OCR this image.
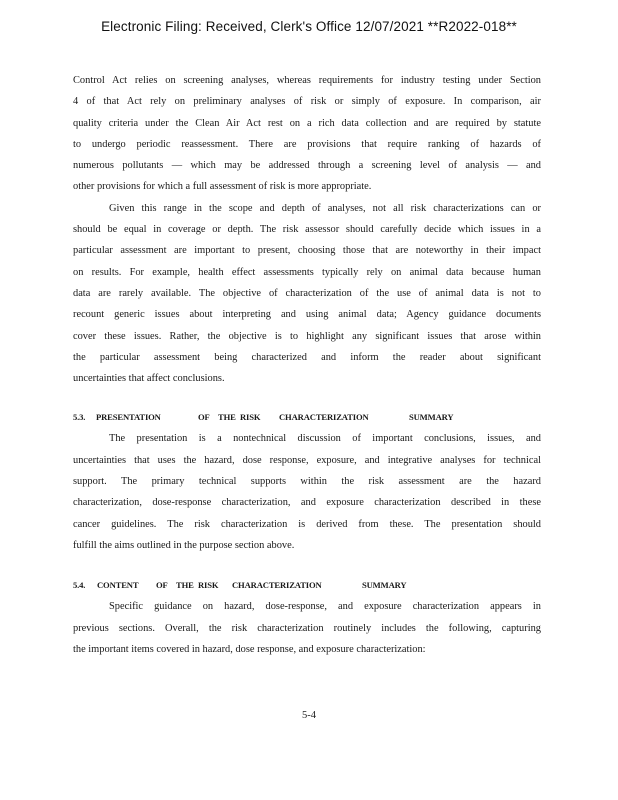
Electronic Filing: Received, Clerk's Office 12/07/2021 **R2022-018**

Control Act relies on screening analyses, whereas requirements for industry testing under Section

4 of that Act rely on preliminary analyses of risk or simply of exposure. In comparison, air

quality criteria under the Clean Air Act rest on a rich data collection and are required by statute

to undergo periodic reassessment. There are provisions that require ranking of hazards of

numerous pollutants — which may be addressed through a screening level of analysis — and

other provisions for which a full assessment of risk is more appropriate.

Given this range in the scope and depth of analyses, not all risk characterizations can or

should be equal in coverage or depth. The risk assessor should carefully decide which issues in a

particular assessment are important to present, choosing those that are noteworthy in their impact

on results. For example, health effect assessments typically rely on animal data because human

data are rarely available. The objective of characterization of the use of animal data is not to

recount generic issues about interpreting and using animal data; Agency guidance documents

cover these issues. Rather, the objective is to highlight any significant issues that arose within

the particular assessment being characterized and inform the reader about significant

uncertainties that affect conclusions.

5.3.	PRESENTATION	OF THE RISK	CHARACTERIZATION	SUMMARY

The presentation is a nontechnical discussion of important conclusions, issues, and

uncertainties that uses the hazard, dose response, exposure, and integrative analyses for technical

support. The primary technical supports within the risk assessment are the hazard

characterization, dose-response characterization, and exposure characterization described in these

cancer guidelines. The risk characterization is derived from these. The presentation should

fulfill the aims outlined in the purpose section above.

5.4.	CONTENT	OF THE RISK	CHARACTERIZATION	SUMMARY

Specific guidance on hazard, dose-response, and exposure characterization appears in

previous sections. Overall, the risk characterization routinely includes the following, capturing

the important items covered in hazard, dose response, and exposure characterization:

5-4
